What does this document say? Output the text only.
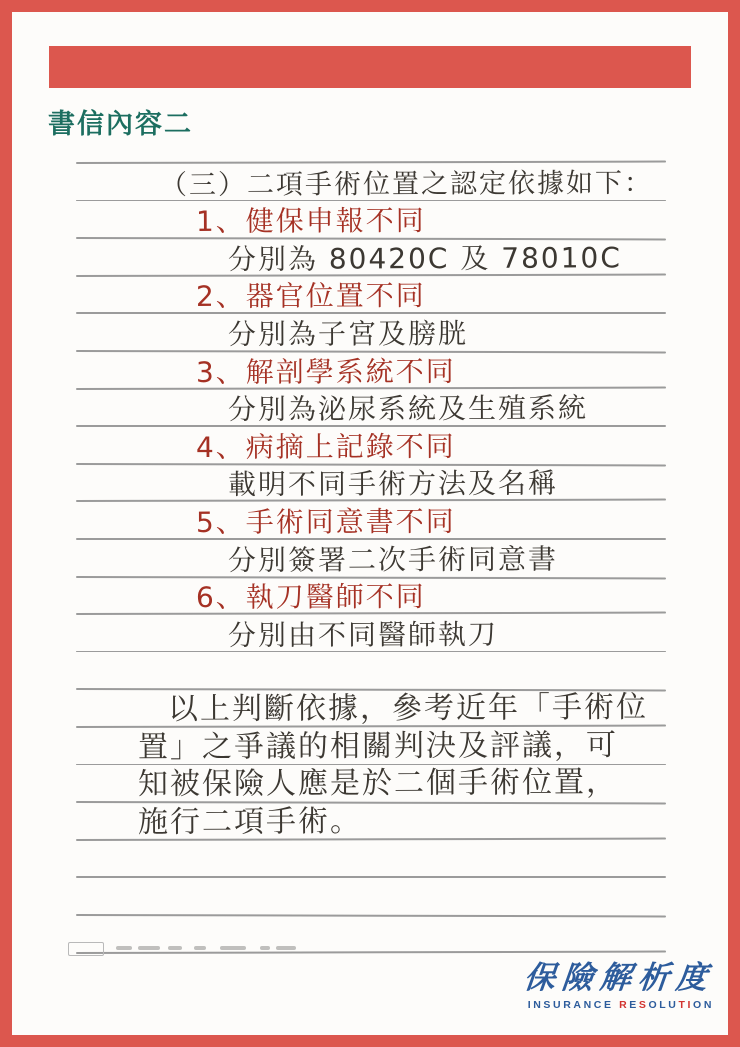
書信內容二
（三）二項手術位置之認定依據如下：
1、健保申報不同
分別為 80420C 及 78010C
2、器官位置不同
分別為子宮及膀胱
3、解剖學系統不同
分別為泌尿系統及生殖系統
4、病摘上記錄不同
載明不同手術方法及名稱
5、手術同意書不同
分別簽署二次手術同意書
6、執刀醫師不同
分別由不同醫師執刀
以上判斷依據，參考近年「手術位
置」之爭議的相關判決及評議，可
知被保險人應是於二個手術位置，
施行二項手術。
保險解析度
INSURANCE RESOLUTION
